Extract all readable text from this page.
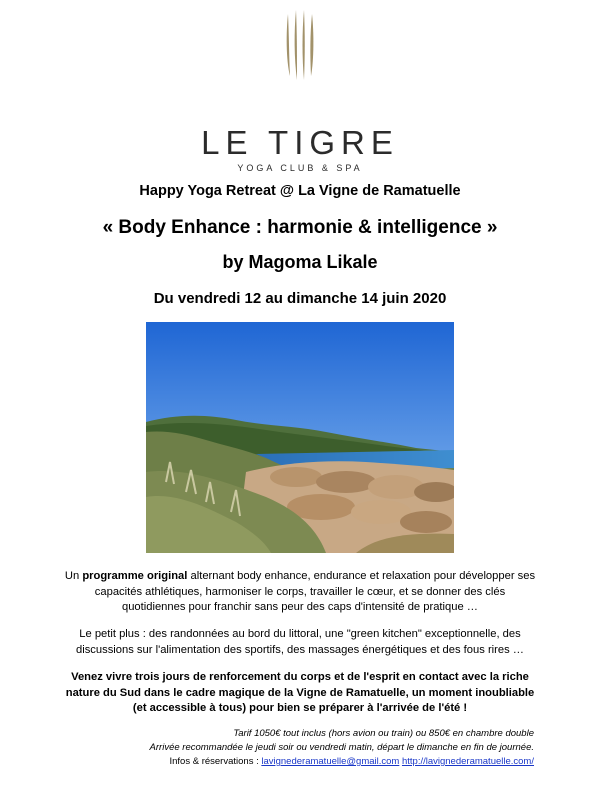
LE TIGRE
YOGA CLUB & SPA
Happy Yoga Retreat @ La Vigne de Ramatuelle
« Body Enhance : harmonie & intelligence »
by Magoma Likale
Du vendredi 12 au dimanche 14 juin 2020
Un programme original alternant body enhance, endurance et relaxation pour développer ses capacités athlétiques, harmoniser le corps, travailler le cœur, et se donner des clés quotidiennes pour franchir sans peur des caps d'intensité de pratique …
Le petit plus : des randonnées au bord du littoral, une "green kitchen" exceptionnelle, des discussions sur l'alimentation des sportifs, des massages énergétiques et des fous rires …
Venez vivre trois jours de renforcement du corps et de l'esprit en contact avec la riche nature du Sud dans le cadre magique de la Vigne de Ramatuelle, un moment inoubliable (et accessible à tous) pour bien se préparer à l'arrivée de l'été !
Tarif 1050€ tout inclus (hors avion ou train) ou 850€ en chambre double
Arrivée recommandée le jeudi soir ou vendredi matin, départ le dimanche en fin de journée.
Infos & réservations : lavignederamatuelle@gmail.com http://lavignederamatuelle.com/
